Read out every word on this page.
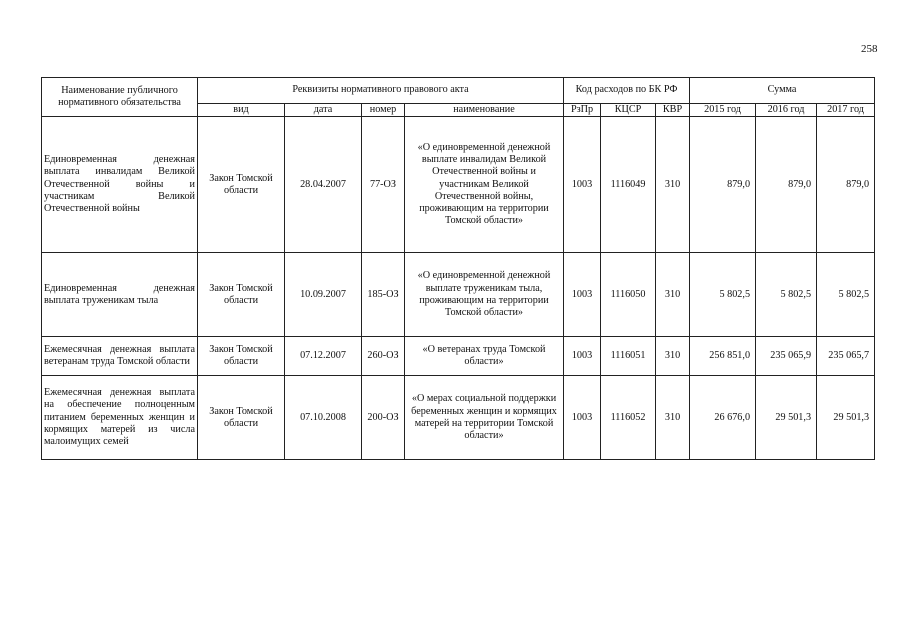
258
Наименование публичного нормативного обязательства	Реквизиты нормативного правового акта				Код расходов по БК РФ			Сумма		
	вид	дата	номер	наименование	РзПр	КЦСР	КВР	2015 год	2016 год	2017 год
Единовременная денежная выплата инвалидам Великой Отечественной войны и участникам Великой Отечественной войны	Закон Томской области	28.04.2007	77-ОЗ	«О единовременной денежной выплате инвалидам Великой Отечественной войны и участникам Великой Отечественной войны, проживающим на территории Томской области»	1003	1116049	310	879,0	879,0	879,0
Единовременная денежная выплата труженикам тыла	Закон Томской области	10.09.2007	185-ОЗ	«О единовременной денежной выплате труженикам тыла, проживающим на территории Томской области»	1003	1116050	310	5 802,5	5 802,5	5 802,5
Ежемесячная денежная выплата ветеранам труда Томской области	Закон Томской области	07.12.2007	260-ОЗ	«О ветеранах труда Томской области»	1003	1116051	310	256 851,0	235 065,9	235 065,7
Ежемесячная денежная выплата на обеспечение полноценным питанием беременных женщин и кормящих матерей из числа малоимущих семей	Закон Томской области	07.10.2008	200-ОЗ	«О мерах социальной поддержки беременных женщин и кормящих матерей на территории Томской области»	1003	1116052	310	26 676,0	29 501,3	29 501,3
